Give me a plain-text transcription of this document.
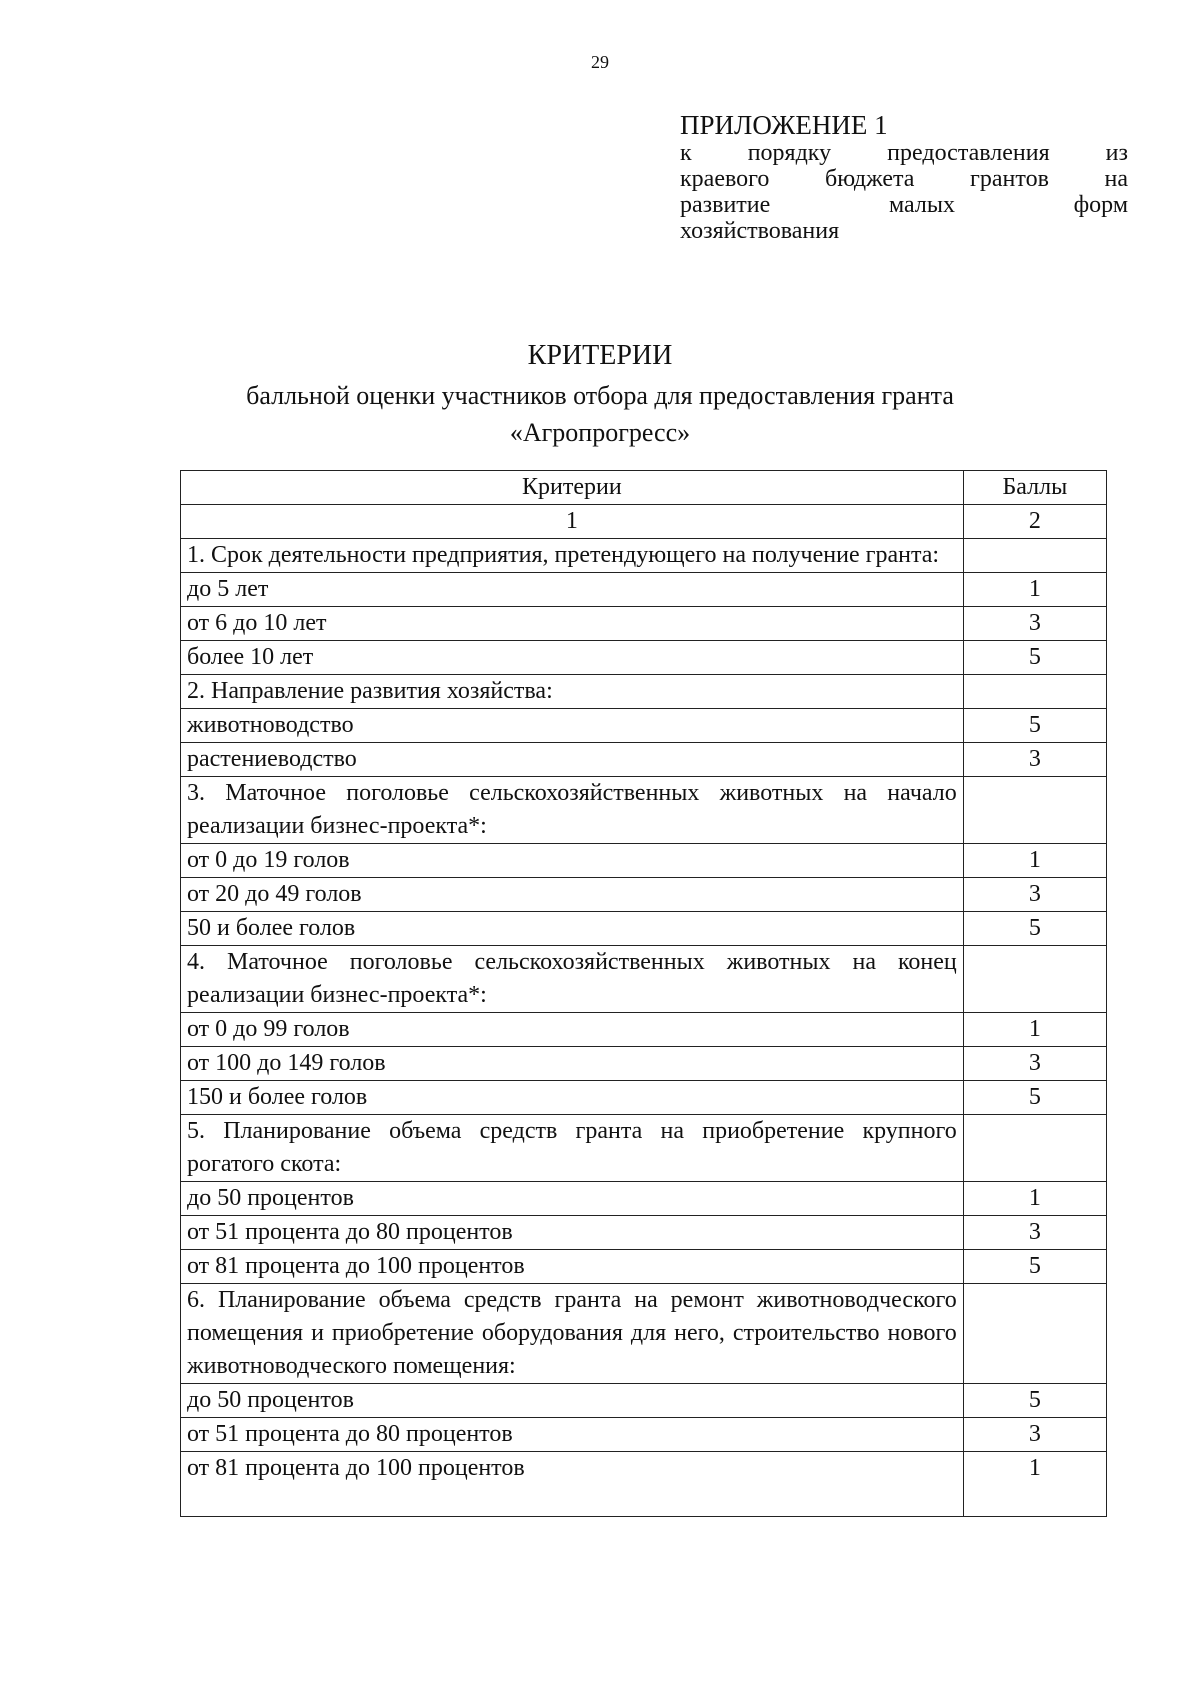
29
ПРИЛОЖЕНИЕ 1
к порядку предоставления из
краевого бюджета грантов на
развитие малых форм
хозяйствования
КРИТЕРИИ
балльной оценки участников отбора для предоставления гранта
«Агропрогресс»
Критерии	Баллы
1	2
1. Срок деятельности предприятия, претендующего на получение гранта:	
до 5 лет	1
от 6 до 10 лет	3
более 10 лет	5
2. Направление развития хозяйства:	
животноводство	5
растениеводство	3
3. Маточное поголовье сельскохозяйственных животных на начало реализации бизнес-проекта*:	
от 0 до 19 голов	1
от 20 до 49 голов	3
50 и более голов	5
4. Маточное поголовье сельскохозяйственных животных на конец реализации бизнес-проекта*:	
от 0 до 99 голов	1
от 100 до 149 голов	3
150 и более голов	5
5. Планирование объема средств гранта на приобретение крупного рогатого скота:	
до 50 процентов	1
от 51 процента до 80 процентов	3
от 81 процента до 100 процентов	5
6. Планирование объема средств гранта на ремонт животноводческого помещения и приобретение оборудования для него, строительство нового животноводческого помещения:	
до 50 процентов	5
от 51 процента до 80 процентов	3
от 81 процента до 100 процентов	1
